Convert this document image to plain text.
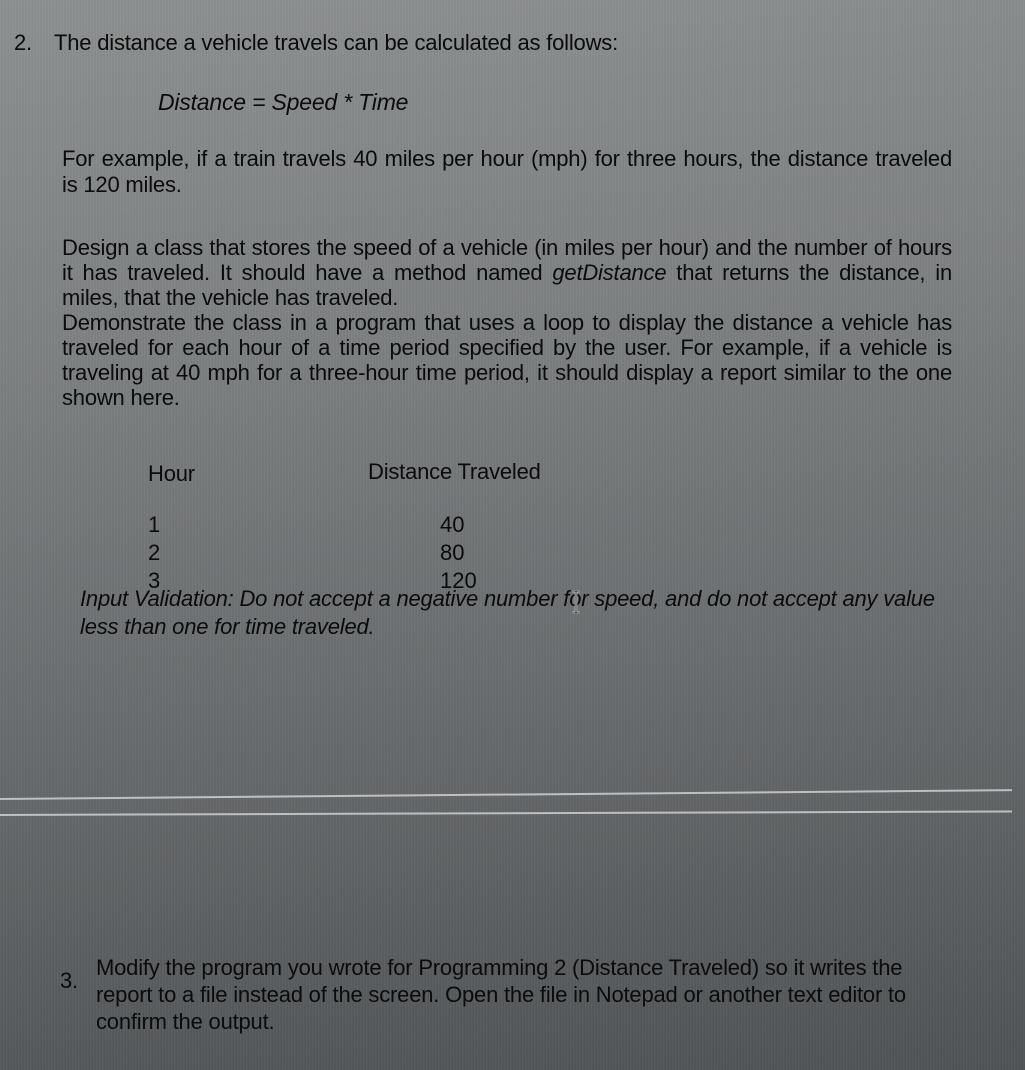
2. The distance a vehicle travels can be calculated as follows:

Distance = Speed * Time

For example, if a train travels 40 miles per hour (mph) for three hours, the distance traveled is 120 miles.

Design a class that stores the speed of a vehicle (in miles per hour) and the number of hours it has traveled. It should have a method named getDistance that returns the distance, in miles, that the vehicle has traveled.
Demonstrate the class in a program that uses a loop to display the distance a vehicle has traveled for each hour of a time period specified by the user. For example, if a vehicle is traveling at 40 mph for a three-hour time period, it should display a report similar to the one shown here.

Hour	Distance Traveled

1	40
2	80
3	120

Input Validation: Do not accept a negative number for speed, and do not accept any value less than one for time traveled.

3.

Modify the program you wrote for Programming 2 (Distance Traveled) so it writes the report to a file instead of the screen. Open the file in Notepad or another text editor to confirm the output.
